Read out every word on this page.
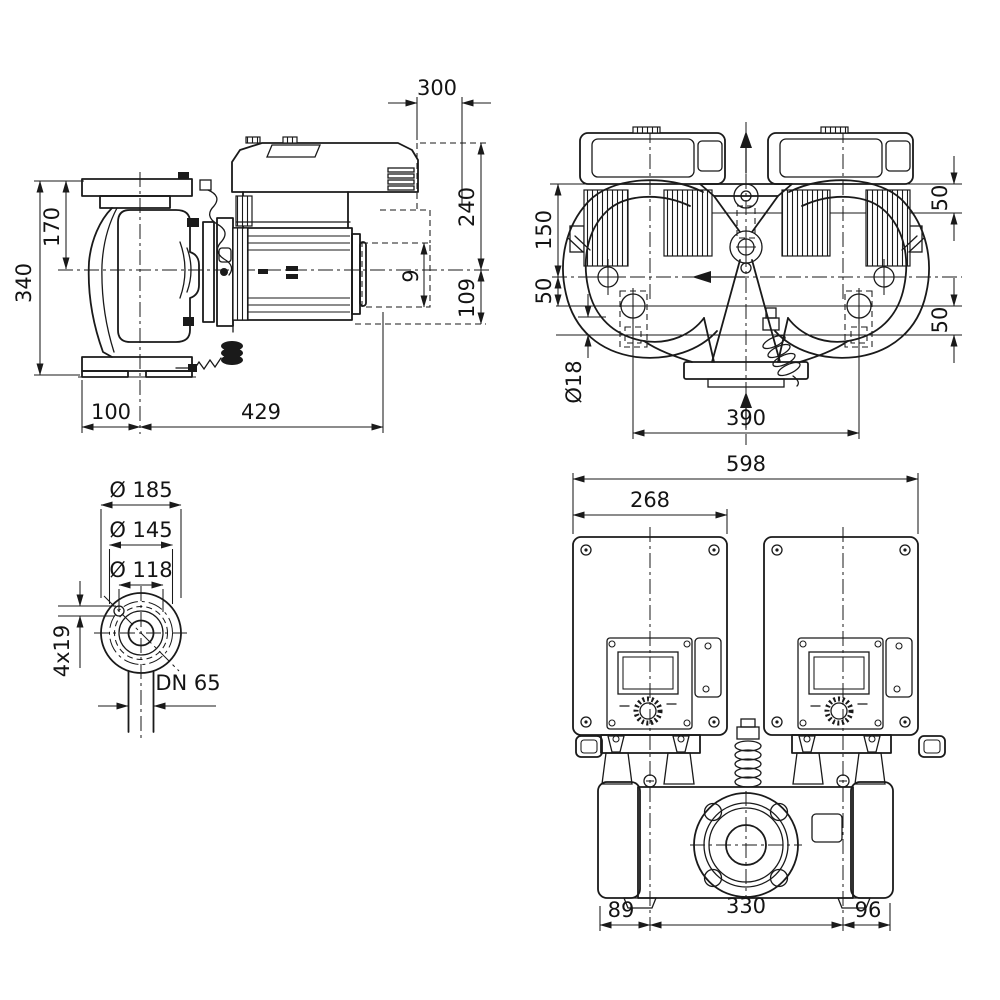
300
240
109
9
170
340
100	429
150
50
50
50
Ø18
390
Ø 185
Ø 145
Ø 118
4x19
DN 65
598
268
89	330	96
